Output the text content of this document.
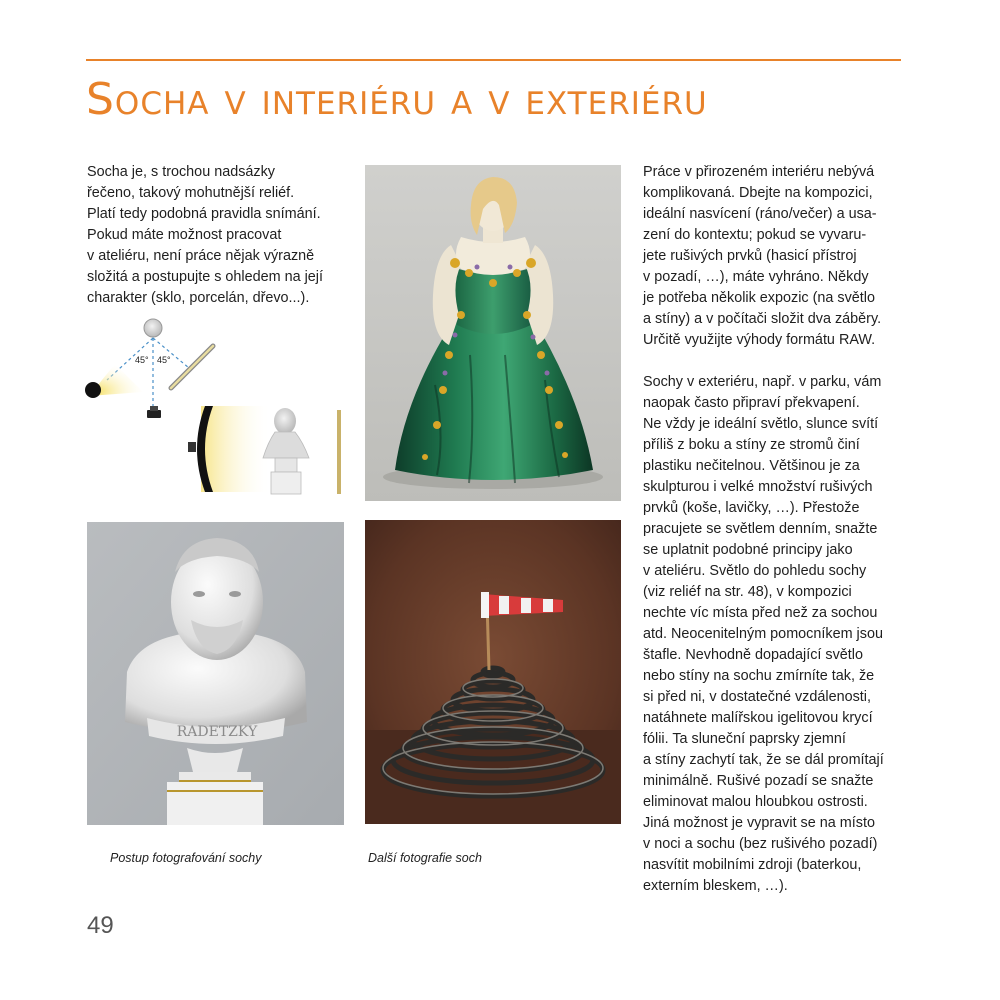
Socha v interiéru a v exteriéru
Socha je, s trochou nadsázky
řečeno, takový mohutnější reliéf.
Platí tedy podobná pravidla snímání.
Pokud máte možnost pracovat
v ateliéru, není práce nějak výrazně
složitá a postupujte s ohledem na její
charakter (sklo, porcelán, dřevo...).
45° 45°
RADETZKY
Postup fotografování sochy	Další fotografie soch
Práce v přirozeném interiéru nebývá
komplikovaná. Dbejte na kompozici,
ideální nasvícení (ráno/večer) a usa-
zení do kontextu; pokud se vyvaru-
jete rušivých prvků (hasicí přístroj
v pozadí, …), máte vyhráno. Někdy
je potřeba několik expozic (na světlo
a stíny) a v počítači složit dva záběry.
Určitě využijte výhody formátu RAW.
Sochy v exteriéru, např. v parku, vám
naopak často připraví překvapení.
Ne vždy je ideální světlo, slunce svítí
příliš z boku a stíny ze stromů činí
plastiku nečitelnou. Většinou je za
skulpturou i velké množství rušivých
prvků (koše, lavičky, …). Přestože
pracujete se světlem denním, snažte
se uplatnit podobné principy jako
v ateliéru. Světlo do pohledu sochy
(viz reliéf na str. 48), v kompozici
nechte víc místa před než za sochou
atd. Neocenitelným pomocníkem jsou
štafle. Nevhodně dopadající světlo
nebo stíny na sochu zmírníte tak, že
si před ni, v dostatečné vzdálenosti,
natáhnete malířskou igelitovou krycí
fólii. Ta sluneční paprsky zjemní
a stíny zachytí tak, že se dál promítají
minimálně. Rušivé pozadí se snažte
eliminovat malou hloubkou ostrosti.
Jiná možnost je vypravit se na místo
v noci a sochu (bez rušivého pozadí)
nasvítit mobilními zdroji (baterkou,
externím bleskem, …).
49
